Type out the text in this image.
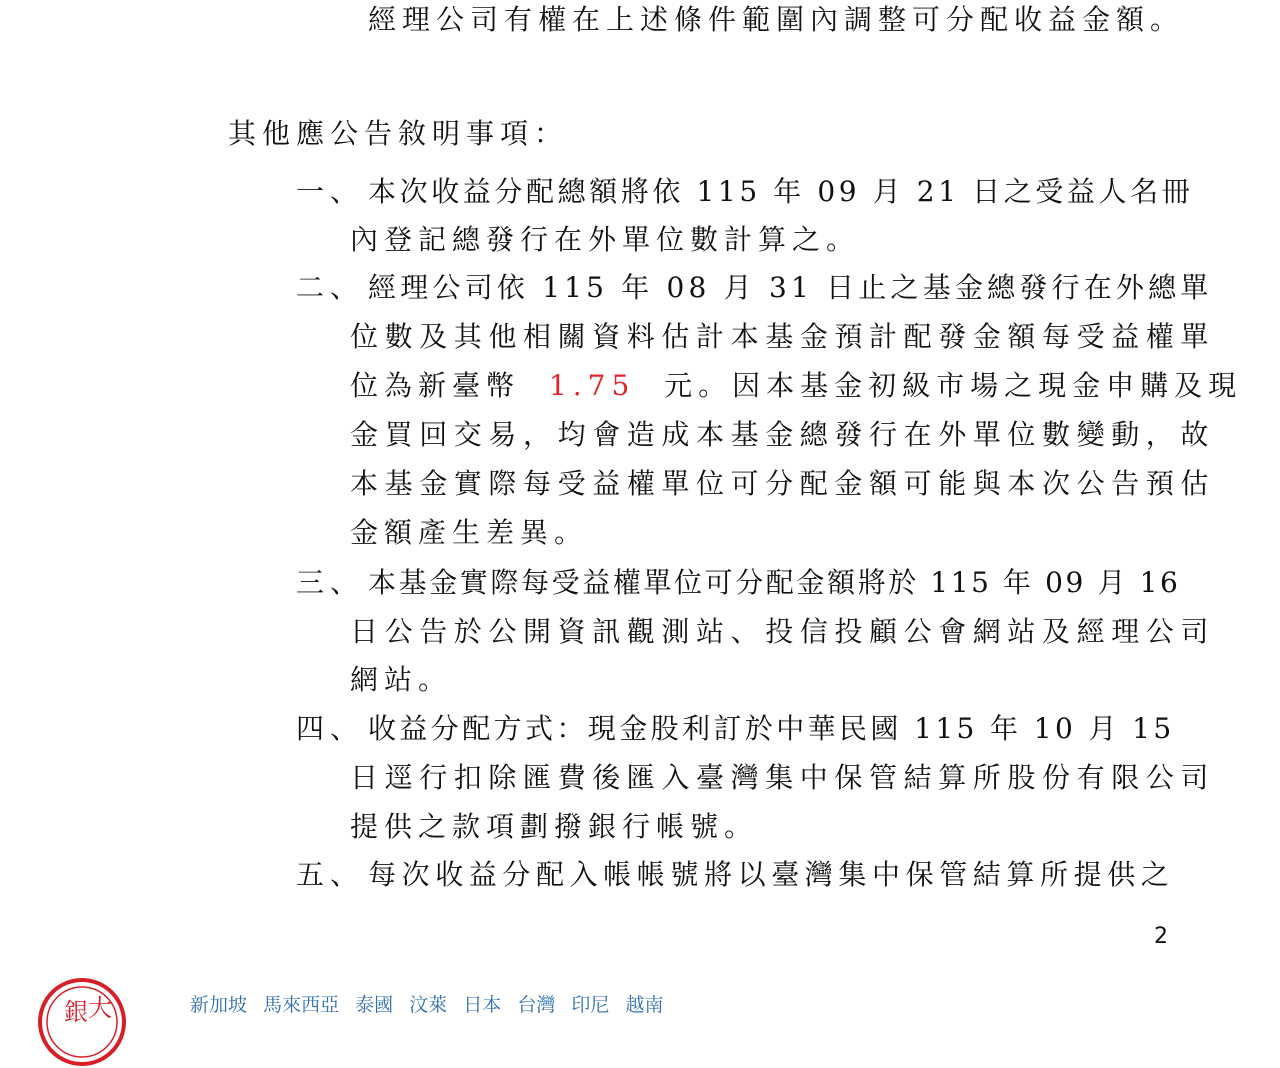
經理公司有權在上述條件範圍內調整可分配收益金額。
其他應公告敘明事項：
一、 本次收益分配總額將依 115 年 09 月 21 日之受益人名冊
內登記總發行在外單位數計算之。
二、 經理公司依 115 年 08 月 31 日止之基金總發行在外總單
位數及其他相關資料估計本基金預計配發金額每受益權單
位為新臺幣 1.75 元。因本基金初級市場之現金申購及現
金買回交易，均會造成本基金總發行在外單位數變動，故
本基金實際每受益權單位可分配金額可能與本次公告預估
金額產生差異。
三、 本基金實際每受益權單位可分配金額將於 115 年 09 月 16
日公告於公開資訊觀測站、投信投顧公會網站及經理公司
網站。
四、 收益分配方式：現金股利訂於中華民國 115 年 10 月 15
日逕行扣除匯費後匯入臺灣集中保管結算所股份有限公司
提供之款項劃撥銀行帳號。
五、 每次收益分配入帳帳號將以臺灣集中保管結算所提供之
2
銀 大	新加坡 馬來西亞 泰國 汶萊 日本 台灣 印尼 越南
